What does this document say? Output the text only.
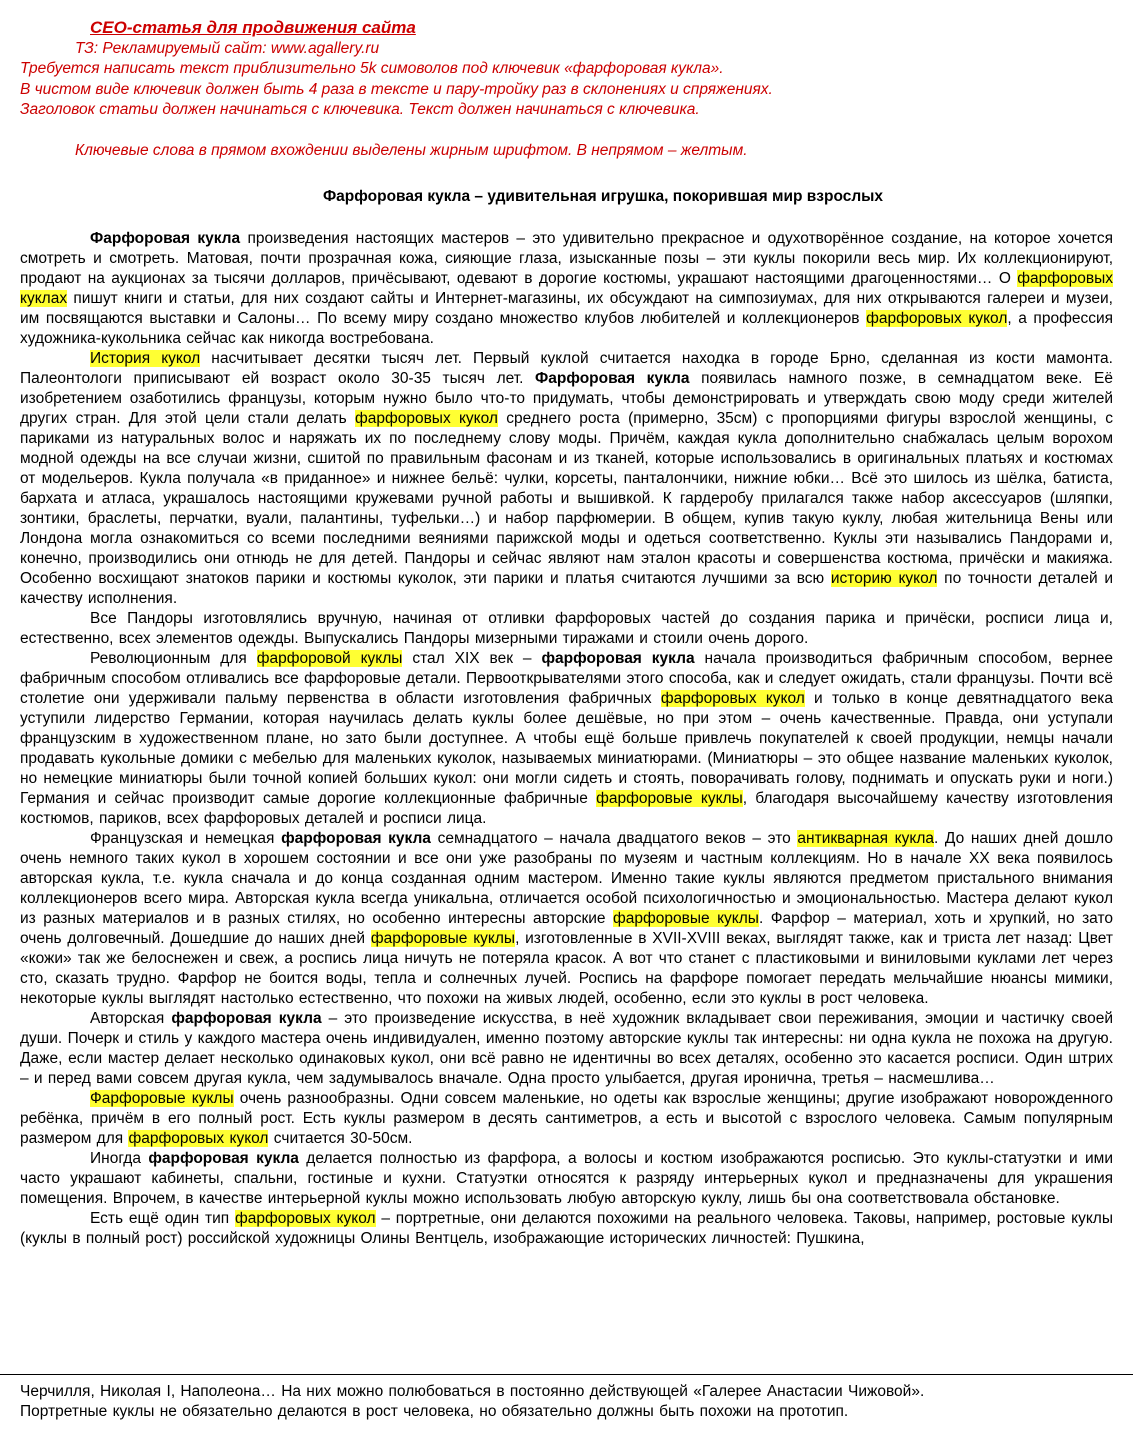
СЕО-статья для продвижения сайта
ТЗ: Рекламируемый сайт: www.agallery.ru
Требуется написать текст приблизительно 5k симоволов под ключевик «фарфоровая кукла».
В чистом виде ключевик должен быть 4 раза в тексте и пару-тройку раз в склонениях и спряжениях.
Заголовок статьи должен начинаться с ключевика. Текст должен начинаться с ключевика.
Ключевые слова в прямом вхождении выделены жирным шрифтом. В непрямом – желтым.
Фарфоровая кукла – удивительная игрушка, покорившая мир взрослых

Фарфоровая кукла произведения настоящих мастеров – это удивительно прекрасное и одухотворённое создание, на которое хочется смотреть и смотреть. Матовая, почти прозрачная кожа, сияющие глаза, изысканные позы – эти куклы покорили весь мир. Их коллекционируют, продают на аукционах за тысячи долларов, причёсывают, одевают в дорогие костюмы, украшают настоящими драгоценностями… О фарфоровых куклах пишут книги и статьи, для них создают сайты и Интернет-магазины, их обсуждают на симпозиумах, для них открываются галереи и музеи, им посвящаются выставки и Салоны… По всему миру создано множество клубов любителей и коллекционеров фарфоровых кукол, а профессия художника-кукольника сейчас как никогда востребована.

История кукол насчитывает десятки тысяч лет. Первый куклой считается находка в городе Брно, сделанная из кости мамонта. Палеонтологи приписывают ей возраст около 30-35 тысяч лет. Фарфоровая кукла появилась намного позже, в семнадцатом веке. Её изобретением озаботились французы, которым нужно было что-то придумать, чтобы демонстрировать и утверждать свою моду среди жителей других стран. Для этой цели стали делать фарфоровых кукол среднего роста (примерно, 35см) с пропорциями фигуры взрослой женщины, с париками из натуральных волос и наряжать их по последнему слову моды. Причём, каждая кукла дополнительно снабжалась целым ворохом модной одежды на все случаи жизни, сшитой по правильным фасонам и из тканей, которые использовались в оригинальных платьях и костюмах от модельеров. Кукла получала «в приданное» и нижнее бельё: чулки, корсеты, панталончики, нижние юбки… Всё это шилось из шёлка, батиста, бархата и атласа, украшалось настоящими кружевами ручной работы и вышивкой. К гардеробу прилагался также набор аксессуаров (шляпки, зонтики, браслеты, перчатки, вуали, палантины, туфельки…) и набор парфюмерии. В общем, купив такую куклу, любая жительница Вены или Лондона могла ознакомиться со всеми последними веяниями парижской моды и одеться соответственно. Куклы эти назывались Пандорами и, конечно, производились они отнюдь не для детей. Пандоры и сейчас являют нам эталон красоты и совершенства костюма, причёски и макияжа. Особенно восхищают знатоков парики и костюмы куколок, эти парики и платья считаются лучшими за всю историю кукол по точности деталей и качеству исполнения.

Все Пандоры изготовлялись вручную, начиная от отливки фарфоровых частей до создания парика и причёски, росписи лица и, естественно, всех элементов одежды. Выпускались Пандоры мизерными тиражами и стоили очень дорого.

Революционным для фарфоровой куклы стал XIX век – фарфоровая кукла начала производиться фабричным способом, вернее фабричным способом отливались все фарфоровые детали. Первооткрывателями этого способа, как и следует ожидать, стали французы. Почти всё столетие они удерживали пальму первенства в области изготовления фабричных фарфоровых кукол и только в конце девятнадцатого века уступили лидерство Германии, которая научилась делать куклы более дешёвые, но при этом – очень качественные. Правда, они уступали французским в художественном плане, но зато были доступнее. А чтобы ещё больше привлечь покупателей к своей продукции, немцы начали продавать кукольные домики с мебелью для маленьких куколок, называемых миниатюрами. (Миниатюры – это общее название маленьких куколок, но немецкие миниатюры были точной копией больших кукол: они могли сидеть и стоять, поворачивать голову, поднимать и опускать руки и ноги.) Германия и сейчас производит самые дорогие коллекционные фабричные фарфоровые куклы, благодаря высочайшему качеству изготовления костюмов, париков, всех фарфоровых деталей и росписи лица.

Французская и немецкая фарфоровая кукла семнадцатого – начала двадцатого веков – это антикварная кукла. До наших дней дошло очень немного таких кукол в хорошем состоянии и все они уже разобраны по музеям и частным коллекциям. Но в начале XX века появилось авторская кукла, т.е. кукла сначала и до конца созданная одним мастером. Именно такие куклы являются предметом пристального внимания коллекционеров всего мира. Авторская кукла всегда уникальна, отличается особой психологичностью и эмоциональностью. Мастера делают кукол из разных материалов и в разных стилях, но особенно интересны авторские фарфоровые куклы. Фарфор – материал, хоть и хрупкий, но зато очень долговечный. Дошедшие до наших дней фарфоровые куклы, изготовленные в XVII-XVIII веках, выглядят также, как и триста лет назад: Цвет «кожи» так же белоснежен и свеж, а роспись лица ничуть не потеряла красок. А вот что станет с пластиковыми и виниловыми куклами лет через сто, сказать трудно. Фарфор не боится воды, тепла и солнечных лучей. Роспись на фарфоре помогает передать мельчайшие нюансы мимики, некоторые куклы выглядят настолько естественно, что похожи на живых людей, особенно, если это куклы в рост человека.

Авторская фарфоровая кукла – это произведение искусства, в неё художник вкладывает свои переживания, эмоции и частичку своей души. Почерк и стиль у каждого мастера очень индивидуален, именно поэтому авторские куклы так интересны: ни одна кукла не похожа на другую. Даже, если мастер делает несколько одинаковых кукол, они всё равно не идентичны во всех деталях, особенно это касается росписи. Один штрих – и перед вами совсем другая кукла, чем задумывалось вначале. Одна просто улыбается, другая иронична, третья – насмешлива…

Фарфоровые куклы очень разнообразны. Одни совсем маленькие, но одеты как взрослые женщины; другие изображают новорожденного ребёнка, причём в его полный рост. Есть куклы размером в десять сантиметров, а есть и высотой с взрослого человека. Самым популярным размером для фарфоровых кукол считается 30-50см.

Иногда фарфоровая кукла делается полностью из фарфора, а волосы и костюм изображаются росписью. Это куклы-статуэтки и ими часто украшают кабинеты, спальни, гостиные и кухни. Статуэтки относятся к разряду интерьерных кукол и предназначены для украшения помещения. Впрочем, в качестве интерьерной куклы можно использовать любую авторскую куклу, лишь бы она соответствовала обстановке.

Есть ещё один тип фарфоровых кукол – портретные, они делаются похожими на реального человека. Таковы, например, ростовые куклы (куклы в полный рост) российской художницы Олины Вентцель, изображающие исторических личностей: Пушкина,

Черчилля, Николая I, Наполеона… На них можно полюбоваться в постоянно действующей «Галерее Анастасии Чижовой».

Портретные куклы не обязательно делаются в рост человека, но обязательно должны быть похожи на прототип.
